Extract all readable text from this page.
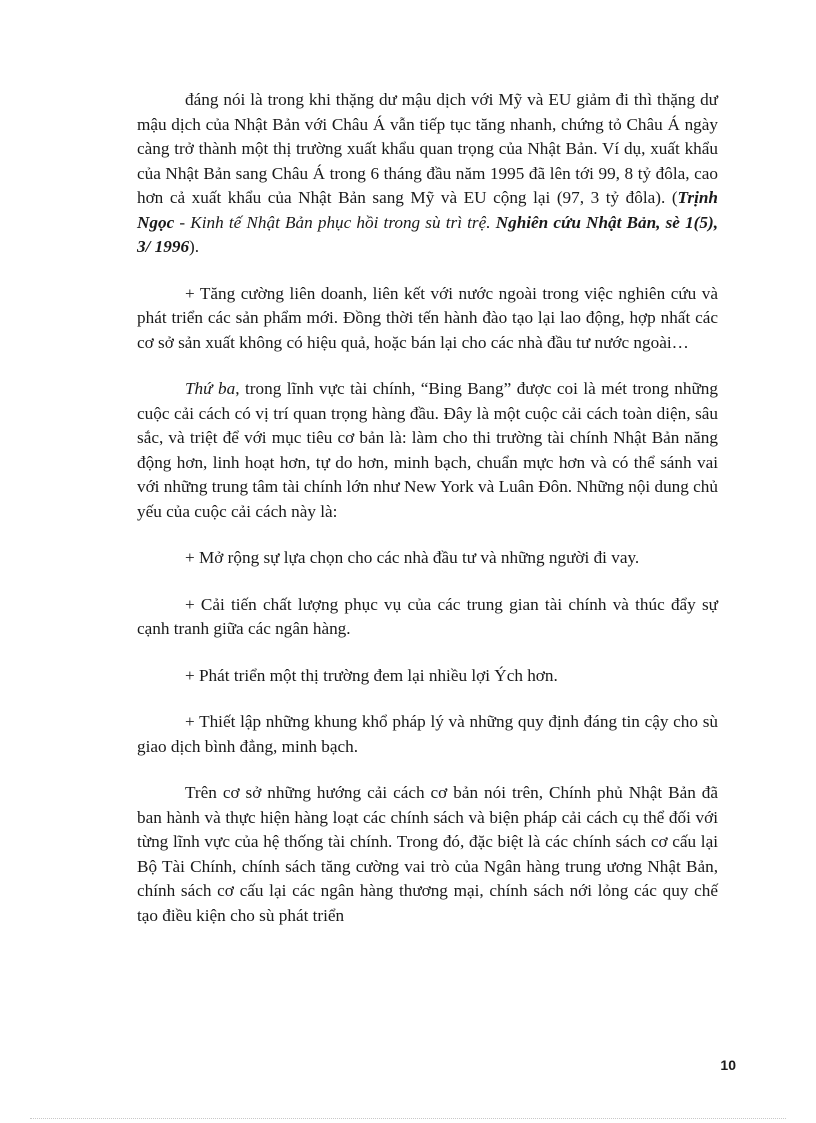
đáng nói là trong khi thặng dư mậu dịch với Mỹ và EU giảm đi thì thặng dư mậu dịch của Nhật Bản với Châu Á vẫn tiếp tục tăng nhanh, chứng tỏ Châu Á ngày càng trở thành một thị trường xuất khẩu quan trọng của Nhật Bản. Ví dụ, xuất khẩu của Nhật Bản sang Châu Á trong 6 tháng đầu năm 1995 đã lên tới 99, 8 tỷ đôla, cao hơn cả xuất khẩu của Nhật Bản sang Mỹ và EU cộng lại (97, 3 tỷ đôla). (Trịnh Ngọc - Kinh tế Nhật Bản phục hồi trong sù trì trệ. Nghiên cứu Nhật Bản, sè 1(5), 3/ 1996).

+ Tăng cường liên doanh, liên kết với nước ngoài trong việc nghiên cứu và phát triển các sản phẩm mới. Đồng thời tến hành đào tạo lại lao động, hợp nhất các cơ sở sản xuất không có hiệu quả, hoặc bán lại cho các nhà đầu tư nước ngoài…

Thứ ba, trong lĩnh vực tài chính, “Bing Bang” được coi là mét trong những cuộc cải cách có vị trí quan trọng hàng đầu. Đây là một cuộc cải cách toàn diện, sâu sắc, và triệt để với mục tiêu cơ bản là: làm cho thi trường tài chính Nhật Bản năng động hơn, linh hoạt hơn, tự do hơn, minh bạch, chuẩn mực hơn và có thể sánh vai với những trung tâm tài chính lớn như New York và Luân Đôn. Những nội dung chủ yếu của cuộc cải cách này là:

+ Mở rộng sự lựa chọn cho các nhà đầu tư và những người đi vay.

+ Cải tiến chất lượng phục vụ của các trung gian tài chính và thúc đẩy sự cạnh tranh giữa các ngân hàng.

+ Phát triển một thị trường đem lại nhiều lợi Ých hơn.

+ Thiết lập những khung khổ pháp lý và những quy định đáng tin cậy cho sù giao dịch bình đẳng, minh bạch.

Trên cơ sở những hướng cải cách cơ bản nói trên, Chính phủ Nhật Bản đã ban hành và thực hiện hàng loạt các chính sách và biện pháp cải cách cụ thể đối với từng lĩnh vực của hệ thống tài chính. Trong đó, đặc biệt là các chính sách cơ cấu lại Bộ Tài Chính, chính sách tăng cường vai trò của Ngân hàng trung ương Nhật Bản, chính sách cơ cấu lại các ngân hàng thương mại, chính sách nới lỏng các quy chế tạo điều kiện cho sù phát triển

10
